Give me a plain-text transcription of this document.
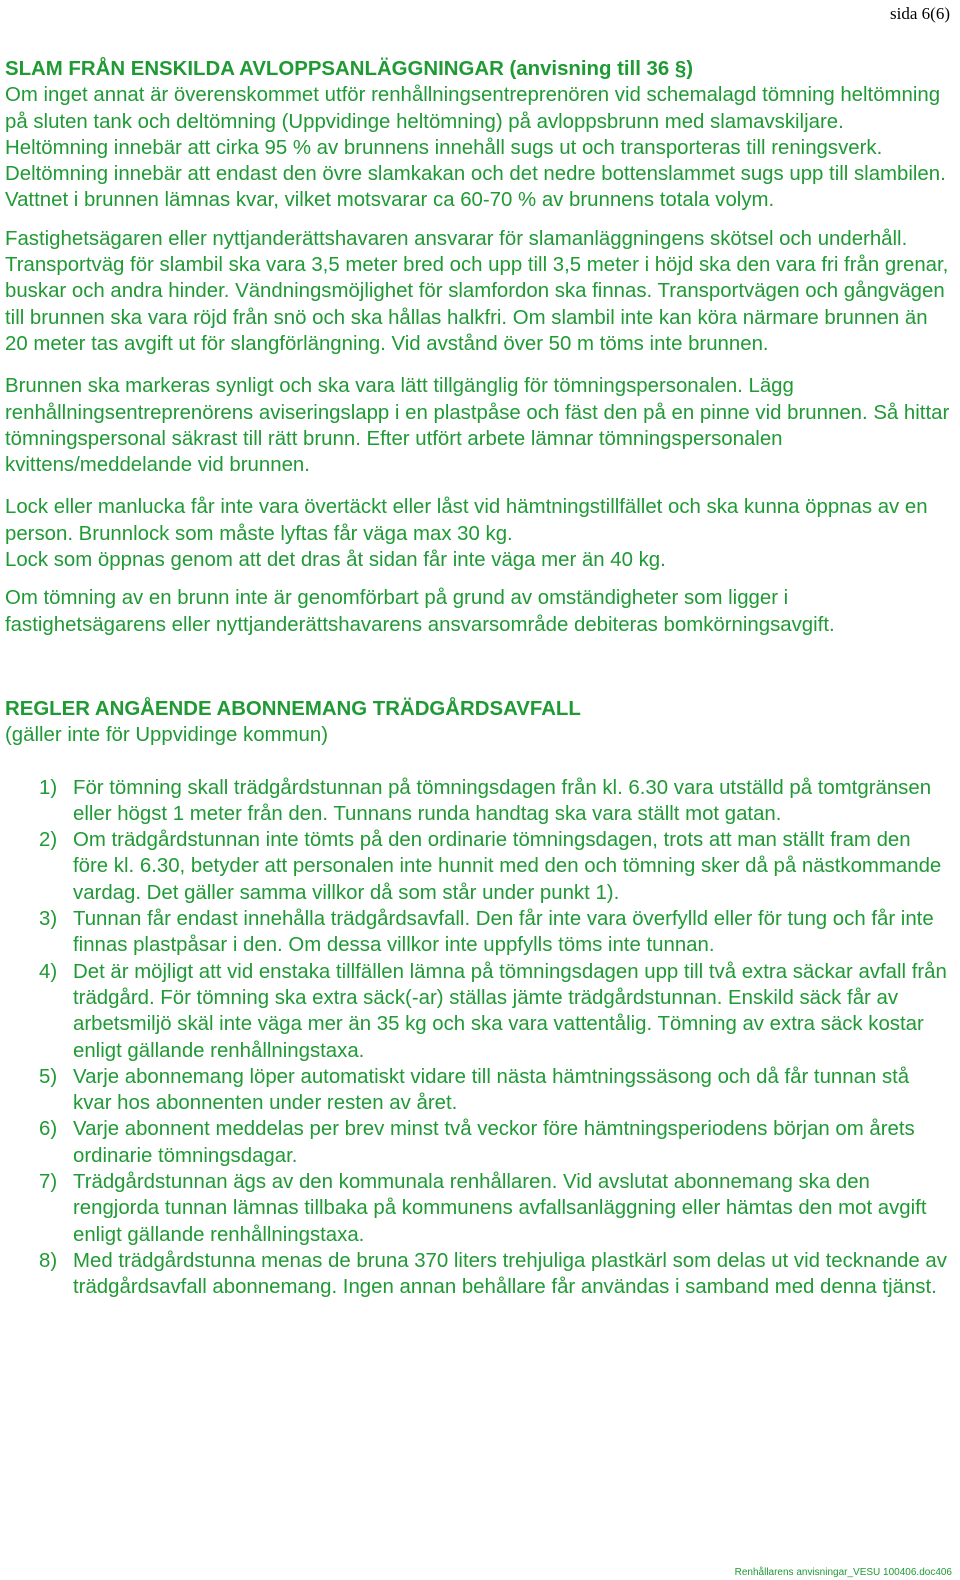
sida 6(6)

SLAM FRÅN ENSKILDA AVLOPPSANLÄGGNINGAR (anvisning till 36 §)

Om inget annat är överenskommet utför renhållningsentreprenören vid schemalagd tömning heltömning på sluten tank och deltömning (Uppvidinge heltömning) på avloppsbrunn med slamavskiljare. Heltömning innebär att cirka 95 % av brunnens innehåll sugs ut och transporteras till reningsverk. Deltömning innebär att endast den övre slamkakan och det nedre bottenslammet sugs upp till slambilen. Vattnet i brunnen lämnas kvar, vilket motsvarar ca 60-70 % av brunnens totala volym.

Fastighetsägaren eller nyttjanderättshavaren ansvarar för slamanläggningens skötsel och underhåll. Transportväg för slambil ska vara 3,5 meter bred och upp till 3,5 meter i höjd ska den vara fri från grenar, buskar och andra hinder. Vändningsmöjlighet för slamfordon ska finnas. Transportvägen och gångvägen till brunnen ska vara röjd från snö och ska hållas halkfri. Om slambil inte kan köra närmare brunnen än 20 meter tas avgift ut för slangförlängning. Vid avstånd över 50 m töms inte brunnen.

Brunnen ska markeras synligt och ska vara lätt tillgänglig för tömningspersonalen. Lägg renhållningsentreprenörens aviseringslapp i en plastpåse och fäst den på en pinne vid brunnen. Så hittar tömningspersonal säkrast till rätt brunn. Efter utfört arbete lämnar tömningspersonalen kvittens/meddelande vid brunnen.

Lock eller manlucka får inte vara övertäckt eller låst vid hämtningstillfället och ska kunna öppnas av en person. Brunnlock som måste lyftas får väga max 30 kg.

Lock som öppnas genom att det dras åt sidan får inte väga mer än 40 kg.

Om tömning av en brunn inte är genomförbart på grund av omständigheter som ligger i fastighetsägarens eller nyttjanderättshavarens ansvarsområde debiteras bomkörningsavgift.

REGLER ANGÅENDE ABONNEMANG TRÄDGÅRDSAVFALL

(gäller inte för Uppvidinge kommun)

1) För tömning skall trädgårdstunnan på tömningsdagen från kl. 6.30 vara utställd på tomtgränsen eller högst 1 meter från den. Tunnans runda handtag ska vara ställt mot gatan.
2) Om trädgårdstunnan inte tömts på den ordinarie tömningsdagen, trots att man ställt fram den före kl. 6.30, betyder att personalen inte hunnit med den och tömning sker då på nästkommande vardag. Det gäller samma villkor då som står under punkt 1).
3) Tunnan får endast innehålla trädgårdsavfall. Den får inte vara överfylld eller för tung och får inte finnas plastpåsar i den. Om dessa villkor inte uppfylls töms inte tunnan.
4) Det är möjligt att vid enstaka tillfällen lämna på tömningsdagen upp till två extra säckar avfall från trädgård. För tömning ska extra säck(-ar) ställas jämte trädgårdstunnan. Enskild säck får av arbetsmiljö skäl inte väga mer än 35 kg och ska vara vattentålig. Tömning av extra säck kostar enligt gällande renhållningstaxa.
5) Varje abonnemang löper automatiskt vidare till nästa hämtningssäsong och då får tunnan stå kvar hos abonnenten under resten av året.
6) Varje abonnent meddelas per brev minst två veckor före hämtningsperiodens början om årets ordinarie tömningsdagar.
7) Trädgårdstunnan ägs av den kommunala renhållaren. Vid avslutat abonnemang ska den rengjorda tunnan lämnas tillbaka på kommunens avfallsanläggning eller hämtas den mot avgift enligt gällande renhållningstaxa.
8) Med trädgårdstunna menas de bruna 370 liters trehjuliga plastkärl som delas ut vid tecknande av trädgårdsavfall abonnemang. Ingen annan behållare får användas i samband med denna tjänst.
Renhållarens anvisningar_VESU 100406.doc406
